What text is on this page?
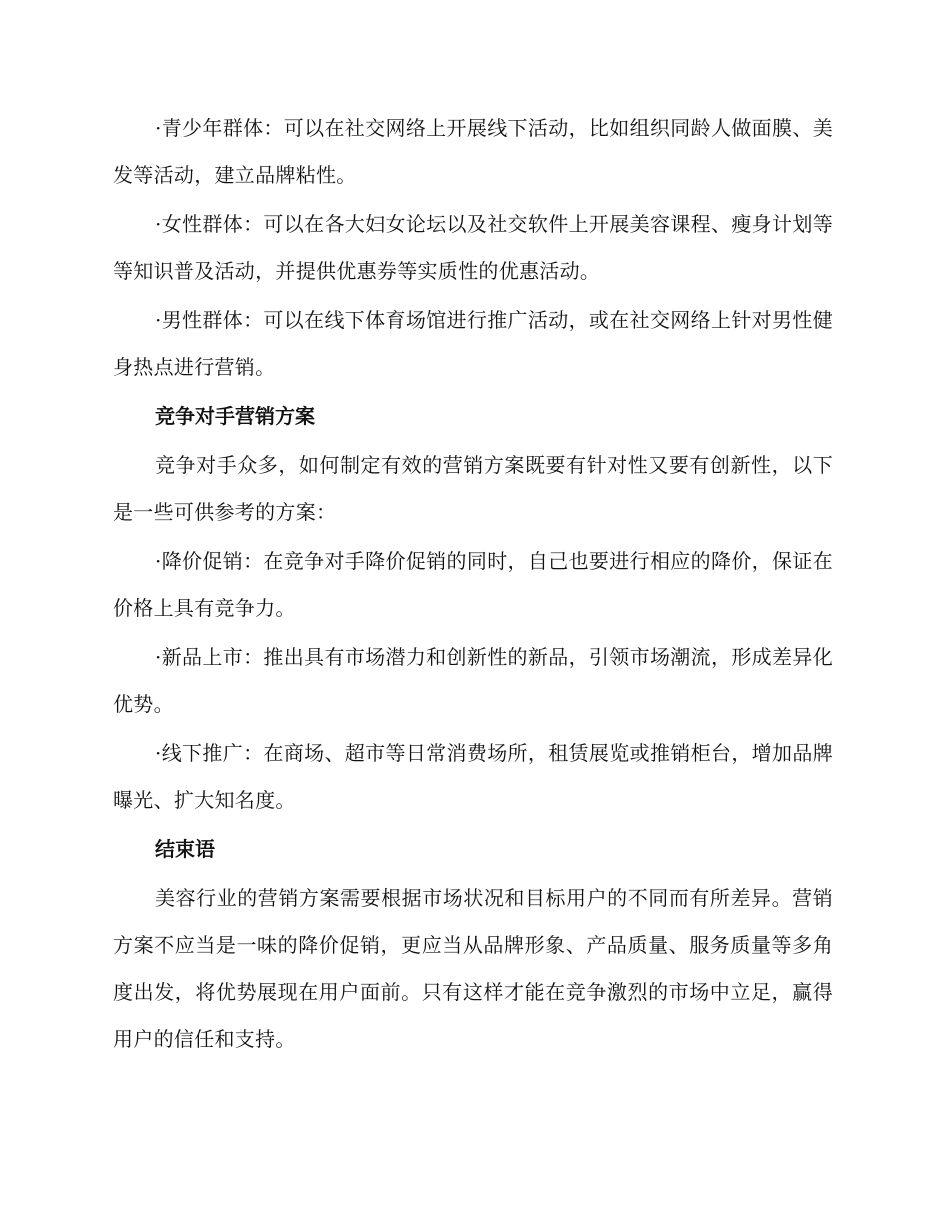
·青少年群体：可以在社交网络上开展线下活动，比如组织同龄人做面膜、美发等活动，建立品牌粘性。

·女性群体：可以在各大妇女论坛以及社交软件上开展美容课程、瘦身计划等等知识普及活动，并提供优惠券等实质性的优惠活动。

·男性群体：可以在线下体育场馆进行推广活动，或在社交网络上针对男性健身热点进行营销。

竞争对手营销方案

竞争对手众多，如何制定有效的营销方案既要有针对性又要有创新性，以下是一些可供参考的方案：

·降价促销：在竞争对手降价促销的同时，自己也要进行相应的降价，保证在价格上具有竞争力。

·新品上市：推出具有市场潜力和创新性的新品，引领市场潮流，形成差异化优势。

·线下推广：在商场、超市等日常消费场所，租赁展览或推销柜台，增加品牌曝光、扩大知名度。

结束语

美容行业的营销方案需要根据市场状况和目标用户的不同而有所差异。营销方案不应当是一味的降价促销，更应当从品牌形象、产品质量、服务质量等多角度出发，将优势展现在用户面前。只有这样才能在竞争激烈的市场中立足，赢得用户的信任和支持。
